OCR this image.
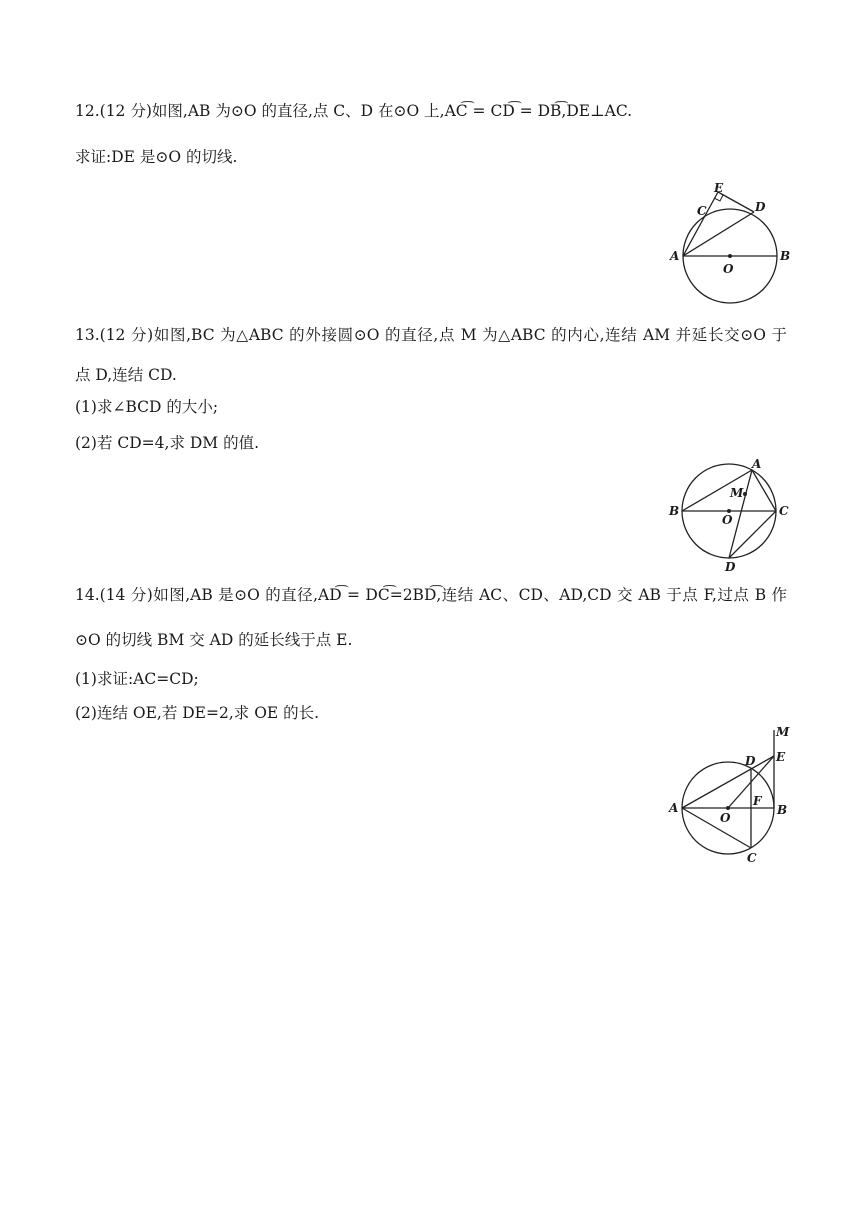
12.(12 分)如图,AB 为⊙O 的直径,点 C、D 在⊙O 上,AC͡ = CD͡ = DB͡,DE⊥AC.
求证:DE 是⊙O 的切线.
E
C	D
A
O
B
13.(12 分)如图,BC 为△ABC 的外接圆⊙O 的直径,点 M 为△ABC 的内心,连结 AM 并延长交⊙O 于
点 D,连结 CD.
(1)求∠BCD 的大小;
(2)若 CD=4,求 DM 的值.
A
M
B
O
C
D
14.(14 分)如图,AB 是⊙O 的直径,AD͡ = DC͡=2BD͡,连结 AC、CD、AD,CD 交 AB 于点 F,过点 B 作
⊙O 的切线 BM 交 AD 的延长线于点 E.
(1)求证:AC=CD;
(2)连结 OE,若 DE=2,求 OE 的长.
M
E
D
A	F
B
O
C
